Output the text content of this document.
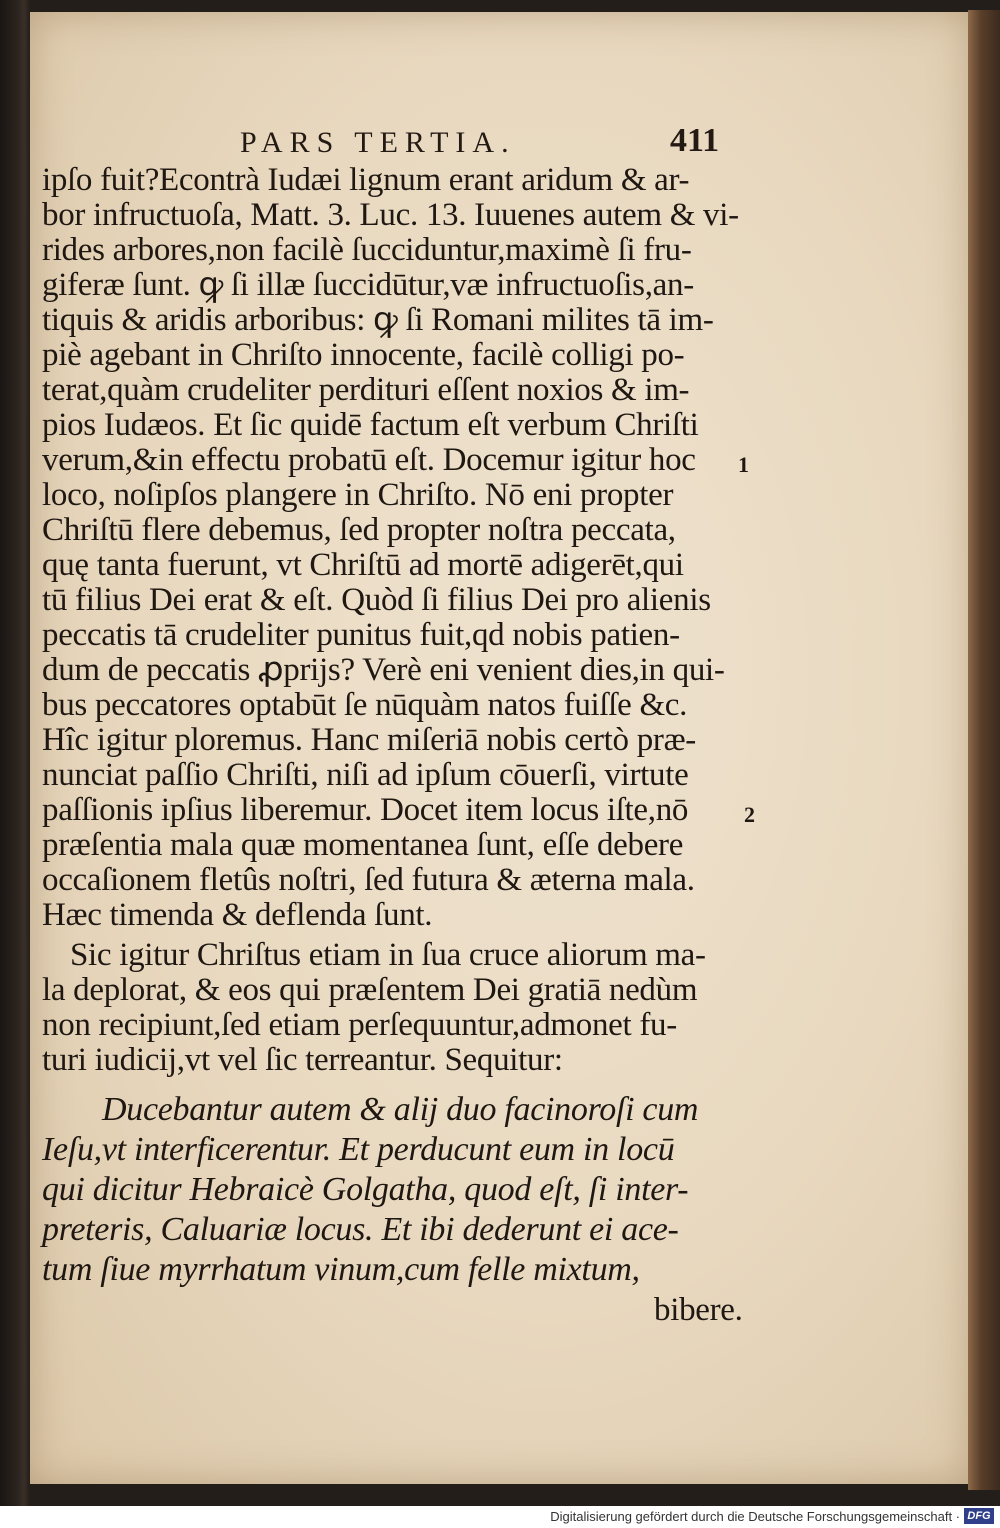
PARS TERTIA.	411
ipſo fuit?Econtrà Iudæi lignum erant aridum & ar-
bor infructuoſa, Matt. 3. Luc. 13. Iuuenes autem & vi-
rides arbores,non facilè ſucciduntur,maximè ſi fru-
giferæ ſunt. ꝙ ſi illæ ſuccidūtur,væ infructuoſis,an-
tiquis & aridis arboribus: ꝙ ſi Romani milites tā im-
piè agebant in Chriſto innocente, facilè colligi po-
terat,quàm crudeliter perdituri eſſent noxios & im-
pios Iudæos. Et ſic quidē factum eſt verbum Chriſti
verum,&in effectu probatū eſt. Docemur igitur hoc
loco, noſipſos plangere in Chriſto. Nō eni propter
Chriſtū flere debemus, ſed propter noſtra peccata,
quę tanta fuerunt, vt Chriſtū ad mortē adigerēt,qui
tū filius Dei erat & eſt. Quòd ſi filius Dei pro alienis
peccatis tā crudeliter punitus fuit,qd nobis patien-
dum de peccatis ꝓprijs? Verè eni venient dies,in qui-
bus peccatores optabūt ſe nūquàm natos fuiſſe &c.
Hîc igitur ploremus. Hanc miſeriā nobis certò præ-
nunciat paſſio Chriſti, niſi ad ipſum cōuerſi, virtute
paſſionis ipſius liberemur. Docet item locus iſte,nō
præſentia mala quæ momentanea ſunt, eſſe debere
occaſionem fletûs noſtri, ſed futura & æterna mala.
Hæc timenda & deflenda ſunt.
Sic igitur Chriſtus etiam in ſua cruce aliorum ma-
la deplorat, & eos qui præſentem Dei gratiā nedùm
non recipiunt,ſed etiam perſequuntur,admonet fu-
turi iudicij,vt vel ſic terreantur. Sequitur:
Ducebantur autem & alij duo facinoroſi cum
Ieſu,vt interficerentur. Et perducunt eum in locū
qui dicitur Hebraicè Golgatha, quod eſt, ſi inter-
preteris, Caluariæ locus. Et ibi dederunt ei ace-
tum ſiue myrrhatum vinum,cum felle mixtum,
bibere.
1
2
Digitalisierung gefördert durch die Deutsche Forschungsgemeinschaft · DFG
